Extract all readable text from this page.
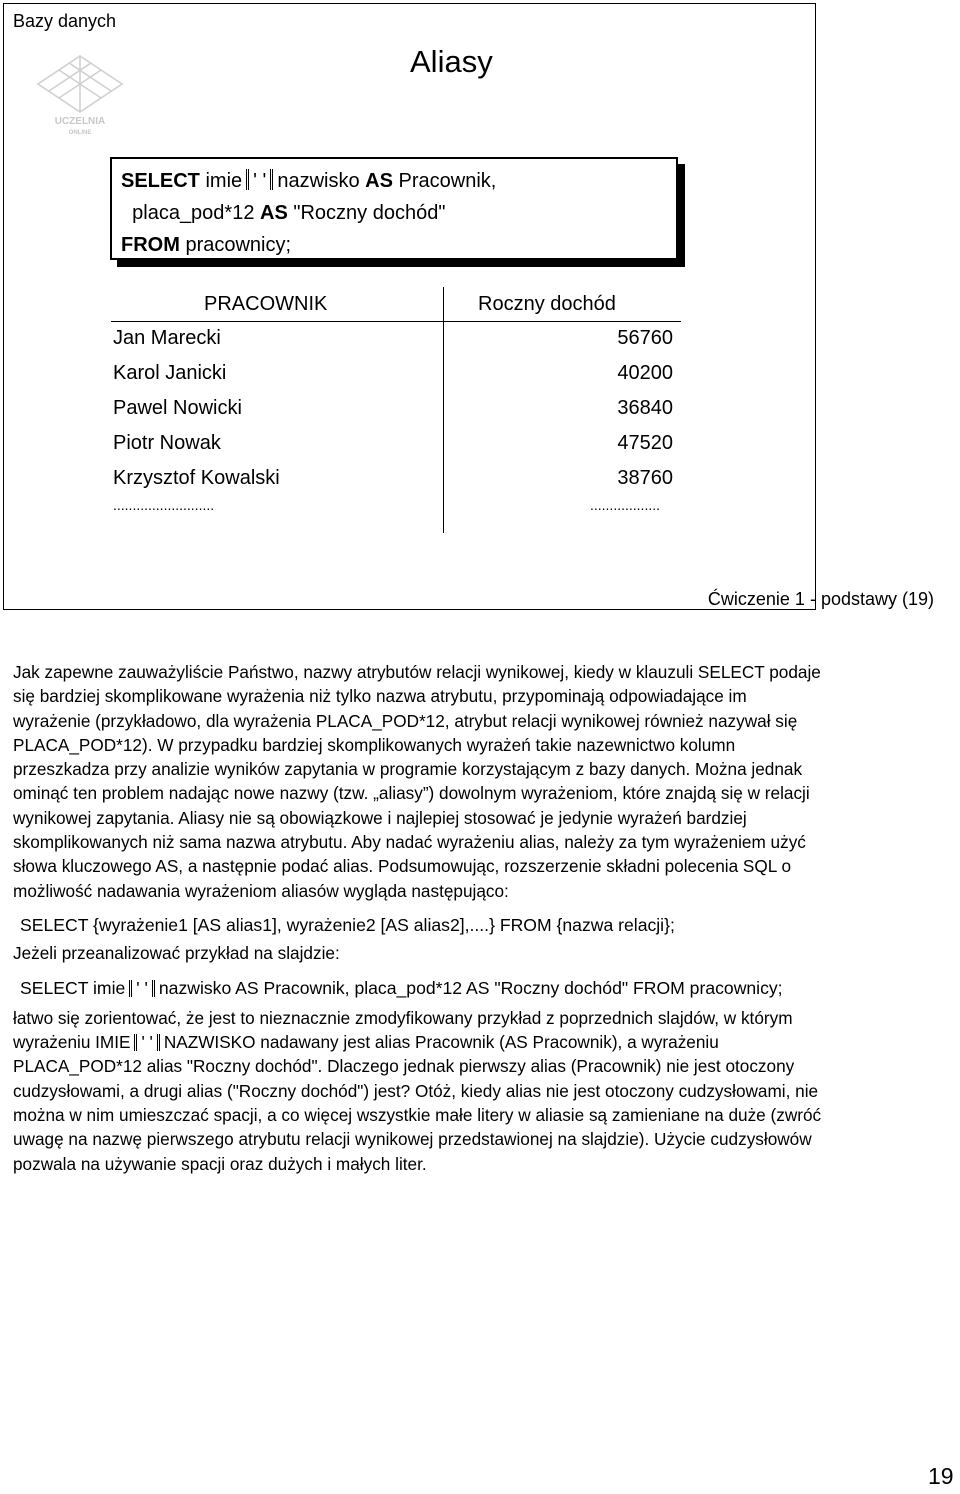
Bazy danych
UCZELNIA
ONLINE
Aliasy
SELECT imie ' ' nazwisko AS Pracownik,
placa_pod*12 AS "Roczny dochód"
FROM pracownicy;
PRACOWNIK	Roczny dochód
Jan Marecki	56760
Karol Janicki	40200
Pawel Nowicki	36840
Piotr Nowak	47520
Krzysztof Kowalski	38760
..........................	..................
Ćwiczenie 1 - podstawy (19)

Jak zapewne zauważyliście Państwo, nazwy atrybutów relacji wynikowej, kiedy w klauzuli SELECT podaje się bardziej skomplikowane wyrażenia niż tylko nazwa atrybutu, przypominają odpowiadające im wyrażenie (przykładowo, dla wyrażenia PLACA_POD*12, atrybut relacji wynikowej również nazywał się PLACA_POD*12). W przypadku bardziej skomplikowanych wyrażeń takie nazewnictwo kolumn przeszkadza przy analizie wyników zapytania w programie korzystającym z bazy danych. Można jednak ominąć ten problem nadając nowe nazwy (tzw. „aliasy”) dowolnym wyrażeniom, które znajdą się w relacji wynikowej zapytania. Aliasy nie są obowiązkowe i najlepiej stosować je jedynie wyrażeń bardziej skomplikowanych niż sama nazwa atrybutu. Aby nadać wyrażeniu alias, należy za tym wyrażeniem użyć słowa kluczowego AS, a następnie podać alias. Podsumowując, rozszerzenie składni polecenia SQL o możliwość nadawania wyrażeniom aliasów wygląda następująco:

SELECT {wyrażenie1 [AS alias1], wyrażenie2 [AS alias2],....} FROM {nazwa relacji};

Jeżeli przeanalizować przykład na slajdzie:

SELECT imie ' ' nazwisko AS Pracownik, placa_pod*12 AS "Roczny dochód" FROM pracownicy;

łatwo się zorientować, że jest to nieznacznie zmodyfikowany przykład z poprzednich slajdów, w którym wyrażeniu IMIE ' ' NAZWISKO nadawany jest alias Pracownik (AS Pracownik), a wyrażeniu PLACA_POD*12 alias "Roczny dochód". Dlaczego jednak pierwszy alias (Pracownik) nie jest otoczony cudzysłowami, a drugi alias ("Roczny dochód") jest? Otóż, kiedy alias nie jest otoczony cudzysłowami, nie można w nim umieszczać spacji, a co więcej wszystkie małe litery w aliasie są zamieniane na duże (zwróć uwagę na nazwę pierwszego atrybutu relacji wynikowej przedstawionej na slajdzie). Użycie cudzysłowów pozwala na używanie spacji oraz dużych i małych liter.

19
